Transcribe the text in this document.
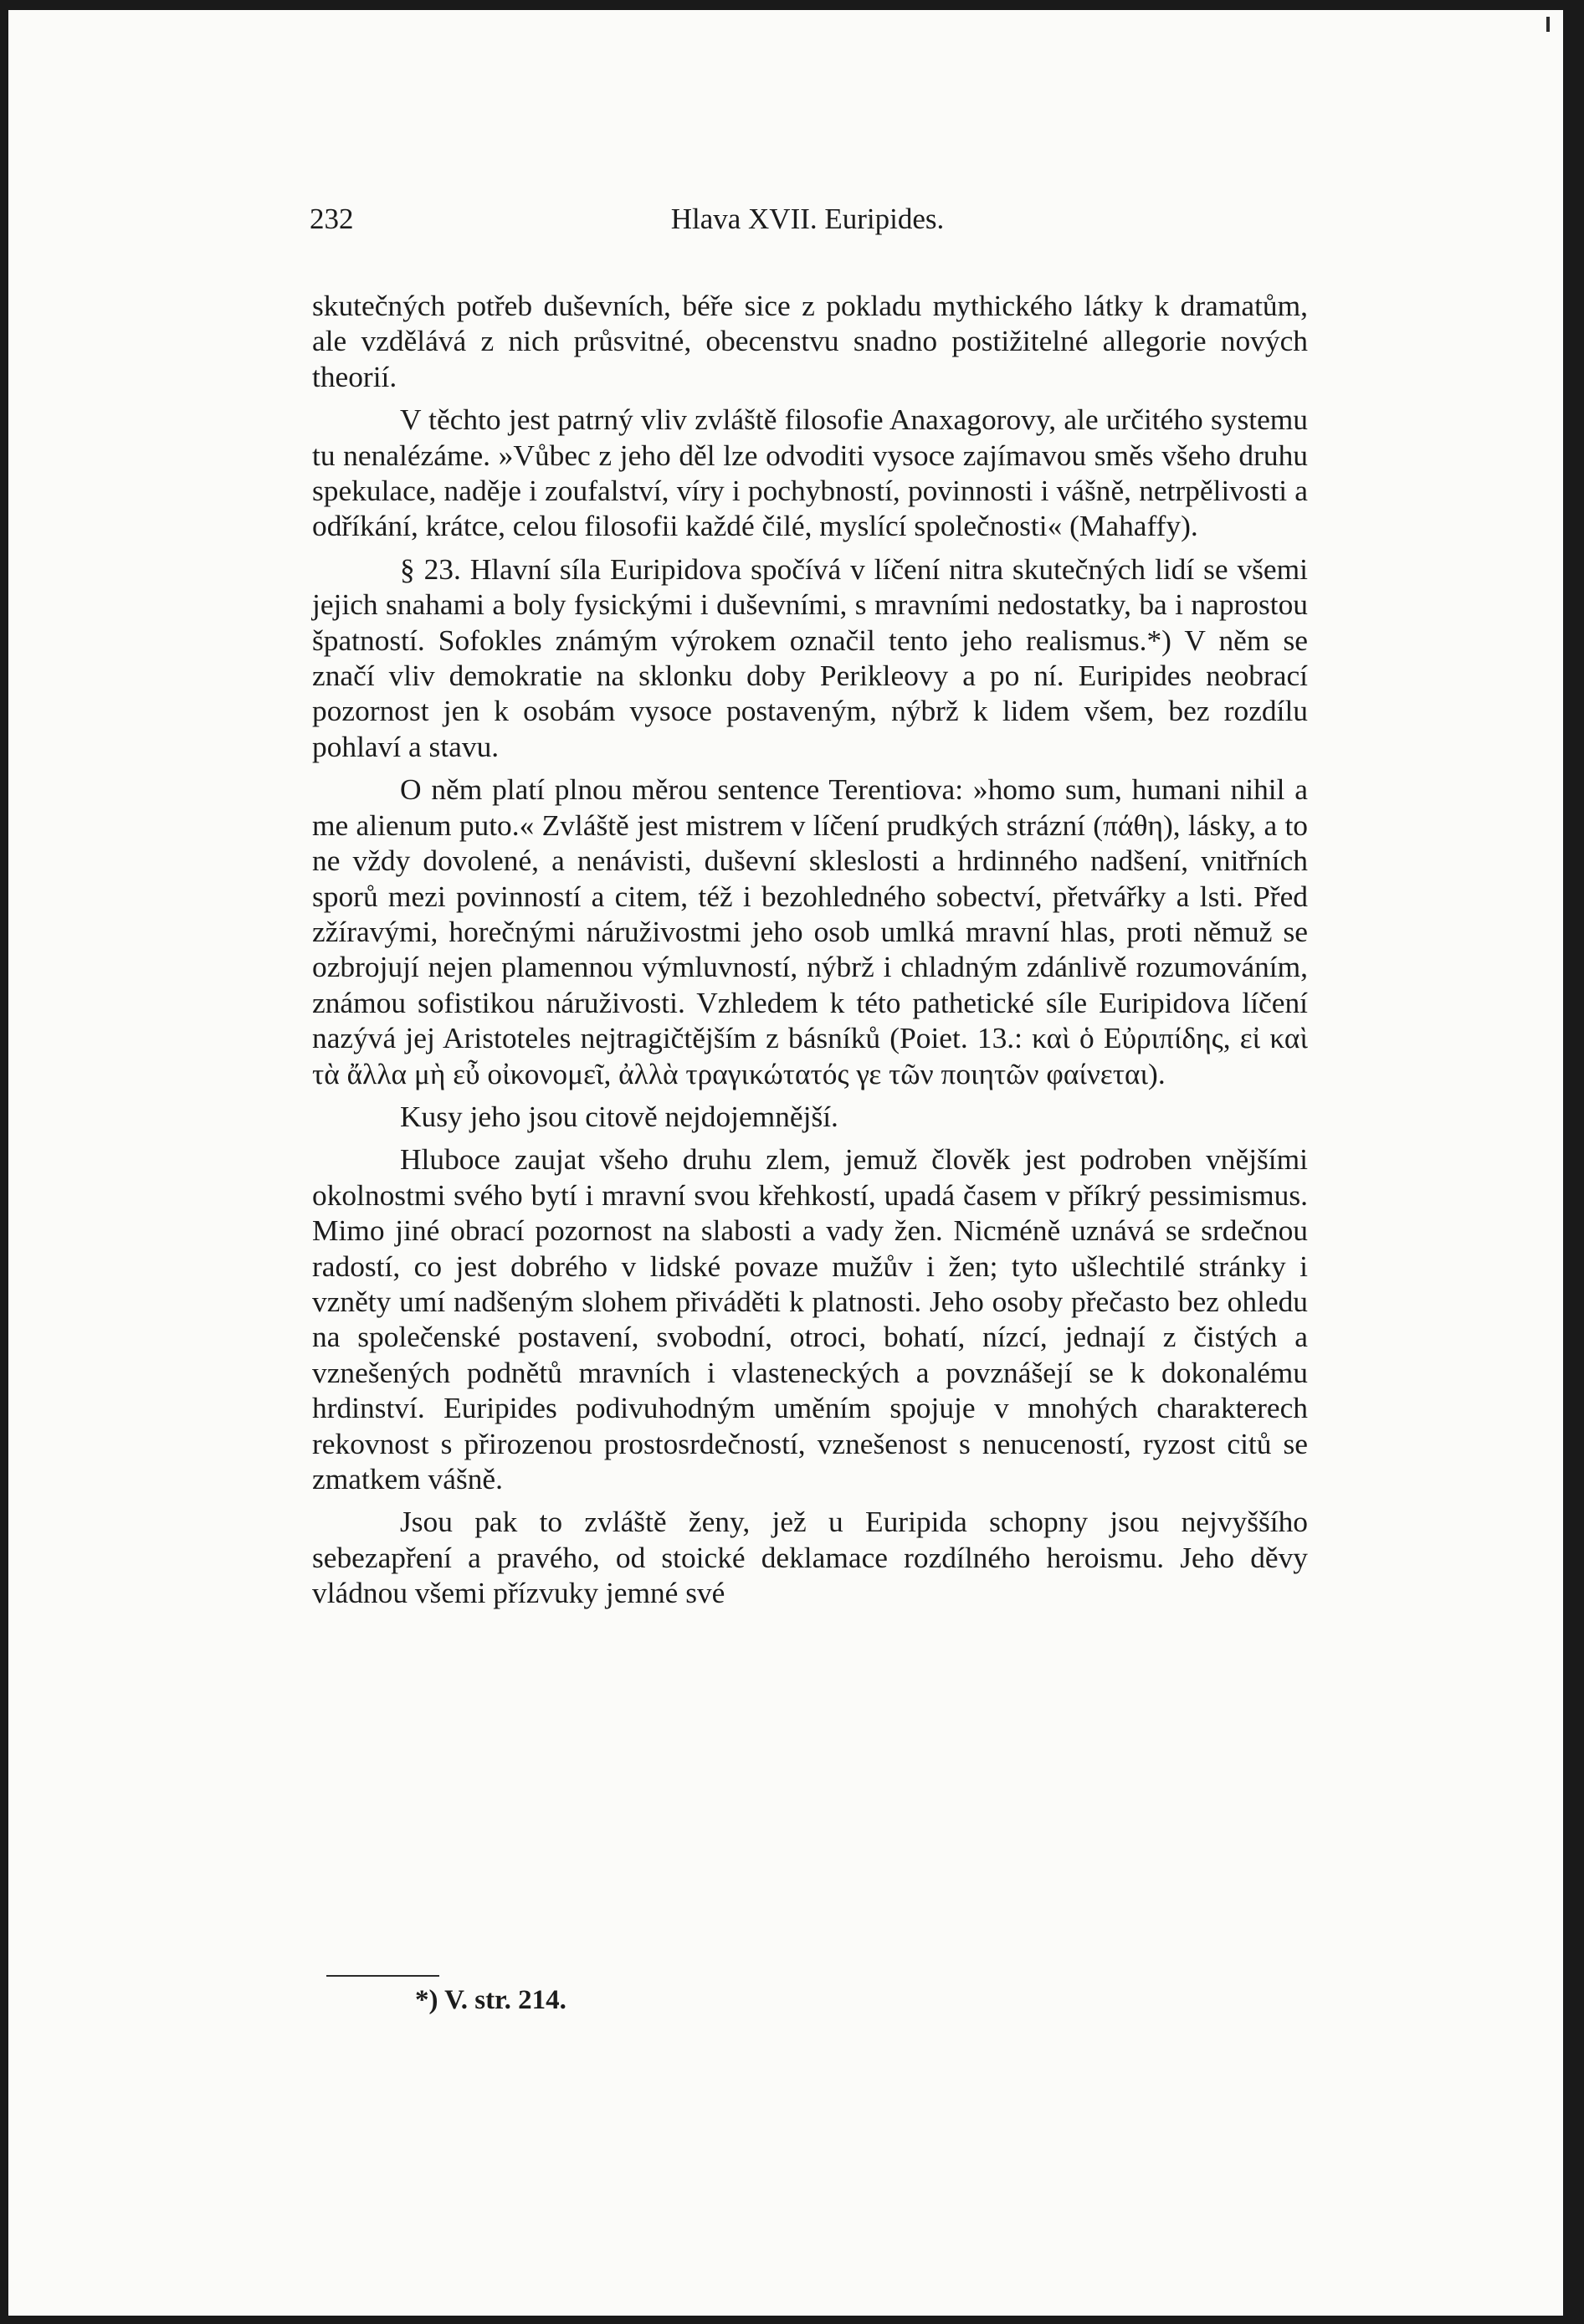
232	Hlava XVII. Euripides.

skutečných potřeb duševních, béře sice z pokladu mythického látky k dramatům, ale vzdělává z nich průsvitné, obecenstvu snadno postižitelné allegorie nových theorií.

V těchto jest patrný vliv zvláště filosofie Anaxagorovy, ale určitého systemu tu nenalézáme. »Vůbec z jeho děl lze odvoditi vysoce zajímavou směs všeho druhu spekulace, naděje i zoufalství, víry i pochybností, povinnosti i vášně, netrpělivosti a odříkání, krátce, celou filosofii každé čilé, myslící společnosti« (Mahaffy).

§ 23. Hlavní síla Euripidova spočívá v líčení nitra skutečných lidí se všemi jejich snahami a boly fysickými i duševními, s mravními nedostatky, ba i naprostou špatností. Sofokles známým výrokem označil tento jeho realismus.*) V něm se značí vliv demokratie na sklonku doby Perikleovy a po ní. Euripides neobrací pozornost jen k osobám vysoce postaveným, nýbrž k lidem všem, bez rozdílu pohlaví a stavu.

O něm platí plnou měrou sentence Terentiova: »homo sum, humani nihil a me alienum puto.« Zvláště jest mistrem v líčení prudkých strázní (πάθη), lásky, a to ne vždy dovolené, a nenávisti, duševní skleslosti a hrdinného nadšení, vnitřních sporů mezi povinností a citem, též i bezohledného sobectví, přetvářky a lsti. Před zžíravými, horečnými náruživostmi jeho osob umlká mravní hlas, proti němuž se ozbrojují nejen plamennou výmluvností, nýbrž i chladným zdánlivě rozumováním, známou sofistikou náruživosti. Vzhledem k této pathetické síle Euripidova líčení nazývá jej Aristoteles nejtragičtějším z básníků (Poiet. 13.: καὶ ὁ Εὐριπίδης, εἰ καὶ τὰ ἄλλα μὴ εὖ οἰκονομεῖ, ἀλλὰ τραγικώτατός γε τῶν ποιητῶν φαίνεται).

Kusy jeho jsou citově nejdojemnější.

Hluboce zaujat všeho druhu zlem, jemuž člověk jest podroben vnějšími okolnostmi svého bytí i mravní svou křehkostí, upadá časem v příkrý pessimismus. Mimo jiné obrací pozornost na slabosti a vady žen. Nicméně uznává se srdečnou radostí, co jest dobrého v lidské povaze mužův i žen; tyto ušlechtilé stránky i vzněty umí nadšeným slohem přiváděti k platnosti. Jeho osoby přečasto bez ohledu na společenské postavení, svobodní, otroci, bohatí, nízcí, jednají z čistých a vznešených podnětů mravních i vlasteneckých a povznášejí se k dokonalému hrdinství. Euripides podivuhodným uměním spojuje v mnohých charakterech rekovnost s přirozenou prostosrdečností, vznešenost s nenuceností, ryzost citů se zmatkem vášně.

Jsou pak to zvláště ženy, jež u Euripida schopny jsou nejvyššího sebezapření a pravého, od stoické deklamace rozdílného heroismu. Jeho děvy vládnou všemi přízvuky jemné své

*) V. str. 214.
